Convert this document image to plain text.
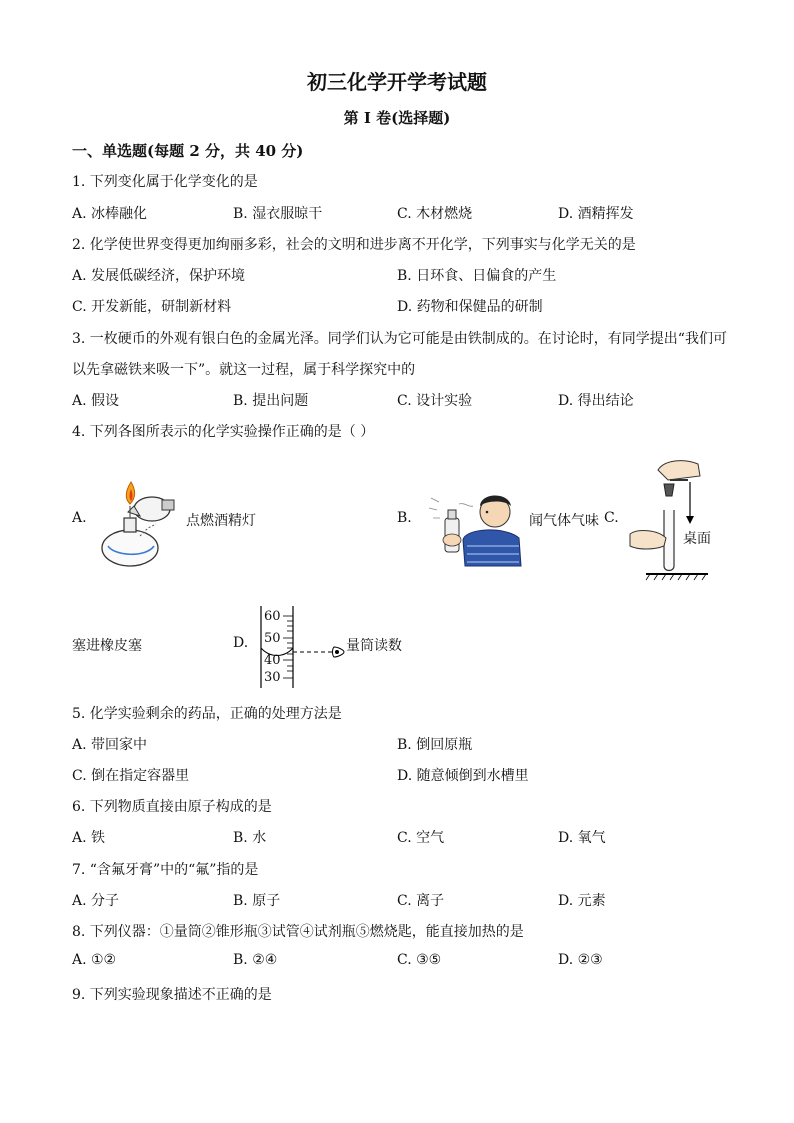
初三化学开学考试题
第 I 卷(选择题)
一、单选题(每题 2 分，共 40 分)
1. 下列变化属于化学变化的是
A. 冰棒融化	B. 湿衣服晾干	C. 木材燃烧	D. 酒精挥发
2. 化学使世界变得更加绚丽多彩，社会的文明和进步离不开化学，下列事实与化学无关的是
A. 发展低碳经济，保护环境	B. 日环食、日偏食的产生
C. 开发新能，研制新材料	D. 药物和保健品的研制
3. 一枚硬币的外观有银白色的金属光泽。同学们认为它可能是由铁制成的。在讨论时，有同学提出“我们可
以先拿磁铁来吸一下”。就这一过程，属于科学探究中的
A. 假设	B. 提出问题	C. 设计实验	D. 得出结论
4. 下列各图所表示的化学实验操作正确的是（ ）
A.	点燃酒精灯	B.	闻气体气味 C.
桌面
塞进橡皮塞	D.
60
50
40
30
量筒读数
5. 化学实验剩余的药品，正确的处理方法是
A. 带回家中	B. 倒回原瓶
C. 倒在指定容器里	D. 随意倾倒到水槽里
6. 下列物质直接由原子构成的是
A. 铁	B. 水	C. 空气	D. 氧气
7. “含氟牙膏”中的“氟”指的是
A. 分子	B. 原子	C. 离子	D. 元素
8. 下列仪器：①量筒②锥形瓶③试管④试剂瓶⑤燃烧匙，能直接加热的是
A. ①②	B. ②④	C. ③⑤	D. ②③
9. 下列实验现象描述不正确的是
